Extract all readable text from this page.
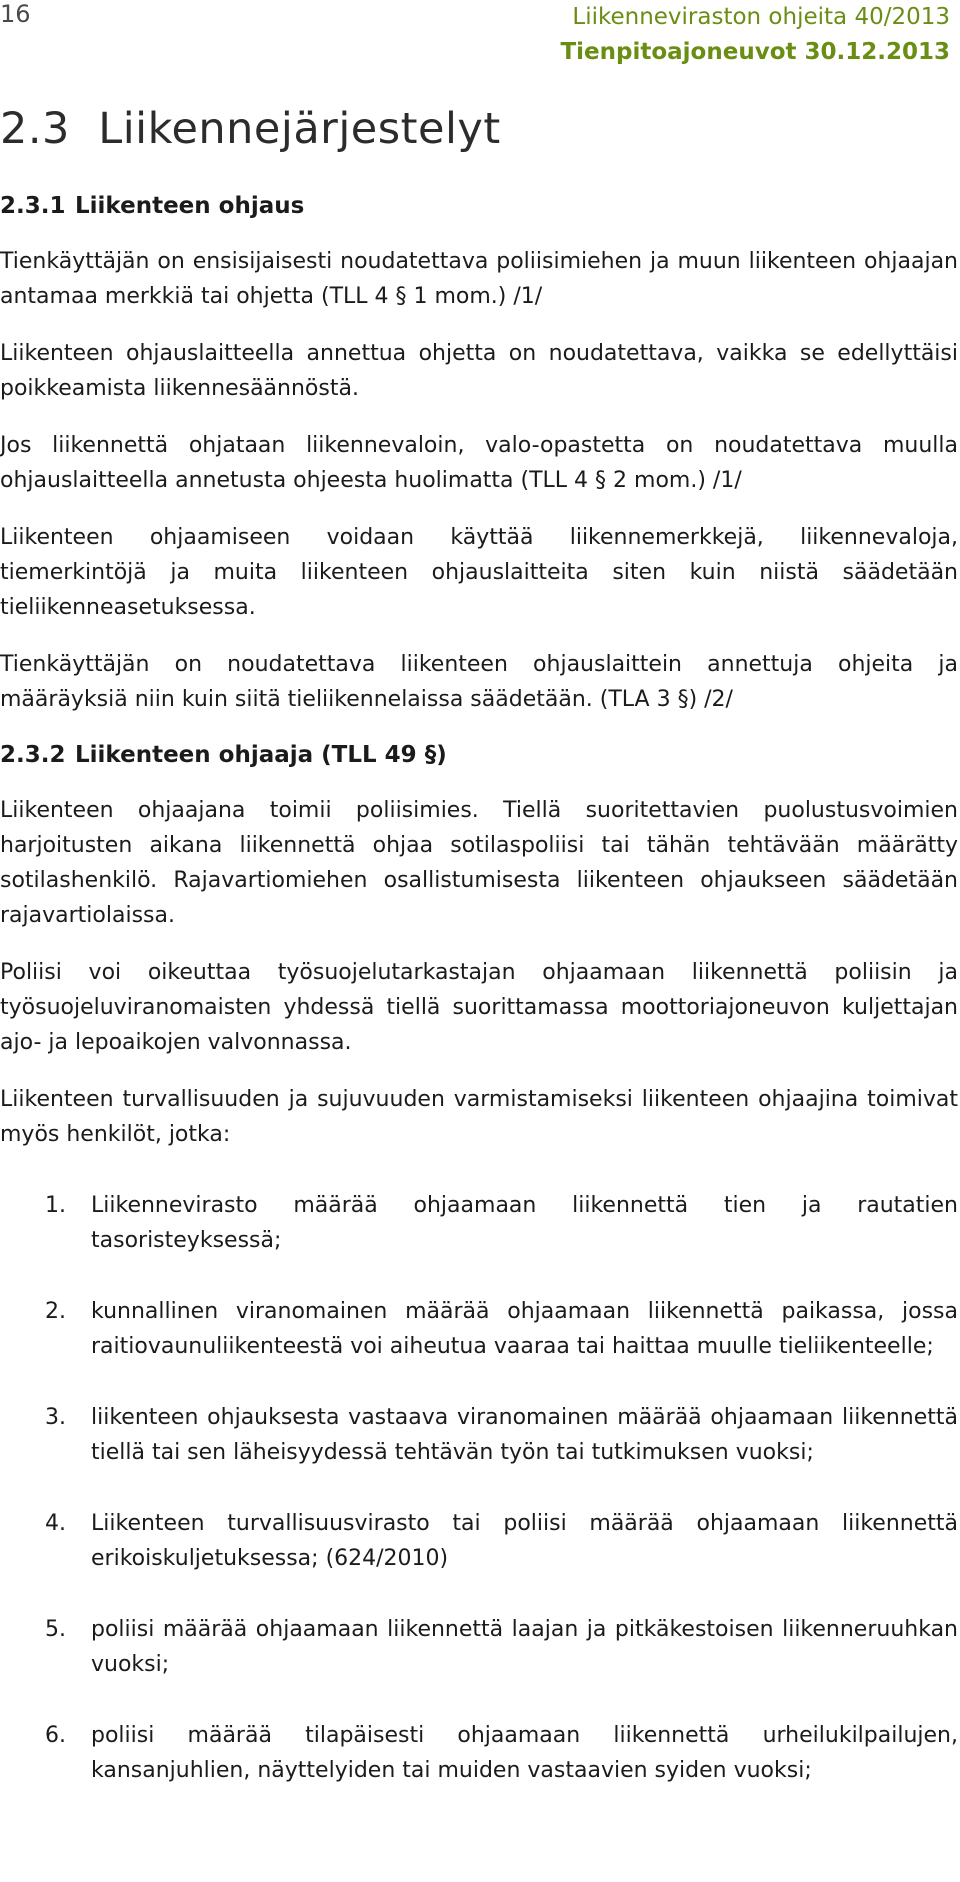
16	Liikenneviraston ohjeita 40/2013
Tienpitoajoneuvot 30.12.2013
2.3 Liikennejärjestelyt
2.3.1 Liikenteen ohjaus

Tienkäyttäjän on ensisijaisesti noudatettava poliisimiehen ja muun liikenteen ohjaajan antamaa merkkiä tai ohjetta (TLL 4 § 1 mom.) /1/

Liikenteen ohjauslaitteella annettua ohjetta on noudatettava, vaikka se edellyttäisi poikkeamista liikennesäännöstä.

Jos liikennettä ohjataan liikennevaloin, valo-opastetta on noudatettava muulla ohjauslaitteella annetusta ohjeesta huolimatta (TLL 4 § 2 mom.) /1/

Liikenteen ohjaamiseen voidaan käyttää liikennemerkkejä, liikennevaloja, tiemerkintöjä ja muita liikenteen ohjauslaitteita siten kuin niistä säädetään tieliikenneasetuksessa.

Tienkäyttäjän on noudatettava liikenteen ohjauslaittein annettuja ohjeita ja määräyksiä niin kuin siitä tieliikennelaissa säädetään. (TLA 3 §) /2/

2.3.2 Liikenteen ohjaaja (TLL 49 §)

Liikenteen ohjaajana toimii poliisimies. Tiellä suoritettavien puolustusvoimien harjoitusten aikana liikennettä ohjaa sotilaspoliisi tai tähän tehtävään määrätty sotilashenkilö. Rajavartiomiehen osallistumisesta liikenteen ohjaukseen säädetään rajavartiolaissa.

Poliisi voi oikeuttaa työsuojelutarkastajan ohjaamaan liikennettä poliisin ja työsuojeluviranomaisten yhdessä tiellä suorittamassa moottoriajoneuvon kuljettajan ajo- ja lepoaikojen valvonnassa.

Liikenteen turvallisuuden ja sujuvuuden varmistamiseksi liikenteen ohjaajina toimivat myös henkilöt, jotka:

1. Liikennevirasto määrää ohjaamaan liikennettä tien ja rautatien tasoristeyksessä;
2. kunnallinen viranomainen määrää ohjaamaan liikennettä paikassa, jossa raitiovaunuliikenteestä voi aiheutua vaaraa tai haittaa muulle tieliikenteelle;
3. liikenteen ohjauksesta vastaava viranomainen määrää ohjaamaan liikennettä tiellä tai sen läheisyydessä tehtävän työn tai tutkimuksen vuoksi;
4. Liikenteen turvallisuusvirasto tai poliisi määrää ohjaamaan liikennettä erikoiskuljetuksessa; (624/2010)
5. poliisi määrää ohjaamaan liikennettä laajan ja pitkäkestoisen liikenneruuhkan vuoksi;
6. poliisi määrää tilapäisesti ohjaamaan liikennettä urheilukilpailujen, kansanjuhlien, näyttelyiden tai muiden vastaavien syiden vuoksi;
